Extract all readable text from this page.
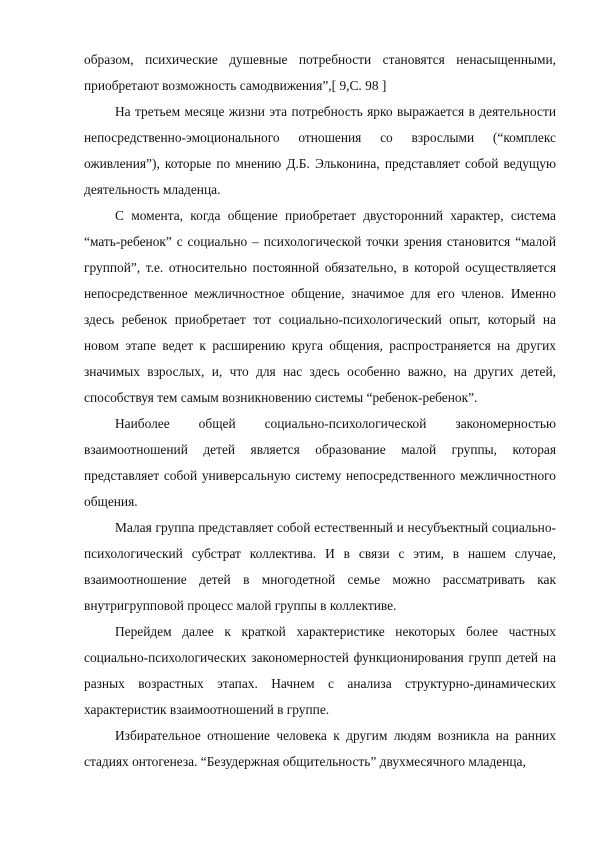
образом, психические душевные потребности становятся ненасыщенными, приобретают возможность самодвижения”,[ 9,С. 98 ]

На третьем месяце жизни эта потребность ярко выражается в деятельности непосредственно-эмоционального отношения со взрослыми (“комплекс оживления”), которые по мнению Д.Б. Эльконина, представляет собой ведущую деятельность младенца.

С момента, когда общение приобретает двусторонний характер, система “мать-ребенок” с социально – психологической точки зрения становится “малой группой”, т.е. относительно постоянной обязательно, в которой осуществляется непосредственное межличностное общение, значимое для его членов. Именно здесь ребенок приобретает тот социально-психологический опыт, который на новом этапе ведет к расширению круга общения, распространяется на других значимых взрослых, и, что для нас здесь особенно важно, на других детей, способствуя тем самым возникновению системы “ребенок-ребенок”.

Наиболее общей социально-психологической закономерностью взаимоотношений детей является образование малой группы, которая представляет собой универсальную систему непосредственного межличностного общения.

Малая группа представляет собой естественный и несубъектный социально-психологический субстрат коллектива. И в связи с этим, в нашем случае, взаимоотношение детей в многодетной семье можно рассматривать как внутригрупповой процесс малой группы в коллективе.

Перейдем далее к краткой характеристике некоторых более частных социально-психологических закономерностей функционирования групп детей на разных возрастных этапах. Начнем с анализа структурно-динамических характеристик взаимоотношений в группе.

Избирательное отношение человека к другим людям возникла на ранних стадиях онтогенеза. “Безудержная общительность” двухмесячного младенца,
